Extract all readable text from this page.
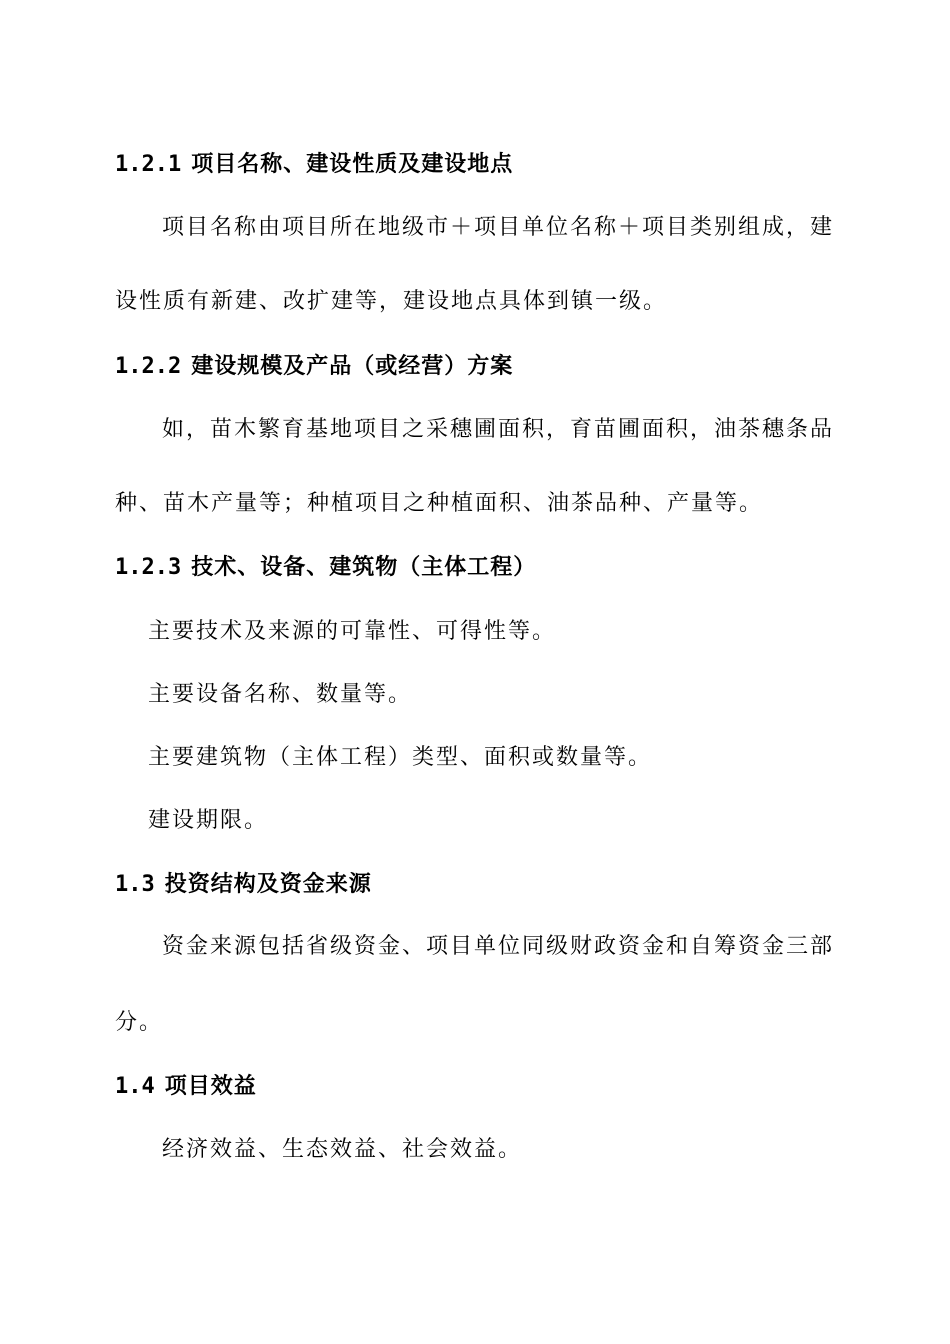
1.2.1 项目名称、建设性质及建设地点
项目名称由项目所在地级市＋项目单位名称＋项目类别组成，建
设性质有新建、改扩建等，建设地点具体到镇一级。
1.2.2 建设规模及产品（或经营）方案
如，苗木繁育基地项目之采穗圃面积，育苗圃面积，油茶穗条品
种、苗木产量等；种植项目之种植面积、油茶品种、产量等。
1.2.3 技术、设备、建筑物（主体工程）
主要技术及来源的可靠性、可得性等。
主要设备名称、数量等。
主要建筑物（主体工程）类型、面积或数量等。
建设期限。
1.3 投资结构及资金来源
资金来源包括省级资金、项目单位同级财政资金和自筹资金三部
分。
1.4 项目效益
经济效益、生态效益、社会效益。
